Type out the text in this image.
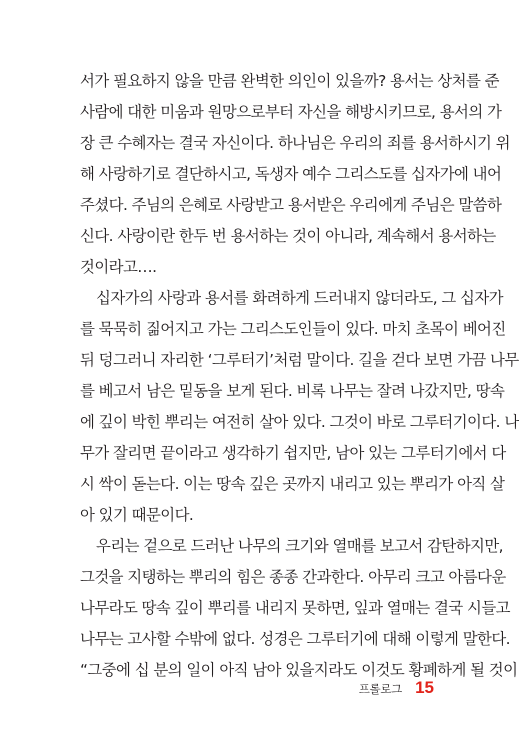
서가 필요하지 않을 만큼 완벽한 의인이 있을까? 용서는 상처를 준
사람에 대한 미움과 원망으로부터 자신을 해방시키므로, 용서의 가
장 큰 수혜자는 결국 자신이다. 하나님은 우리의 죄를 용서하시기 위
해 사랑하기로 결단하시고, 독생자 예수 그리스도를 십자가에 내어
주셨다. 주님의 은혜로 사랑받고 용서받은 우리에게 주님은 말씀하
신다. 사랑이란 한두 번 용서하는 것이 아니라, 계속해서 용서하는
것이라고….
십자가의 사랑과 용서를 화려하게 드러내지 않더라도, 그 십자가
를 묵묵히 짊어지고 가는 그리스도인들이 있다. 마치 초목이 베어진
뒤 덩그러니 자리한 ‘그루터기’처럼 말이다. 길을 걷다 보면 가끔 나무
를 베고서 남은 밑동을 보게 된다. 비록 나무는 잘려 나갔지만, 땅속
에 깊이 박힌 뿌리는 여전히 살아 있다. 그것이 바로 그루터기이다. 나
무가 잘리면 끝이라고 생각하기 쉽지만, 남아 있는 그루터기에서 다
시 싹이 돋는다. 이는 땅속 깊은 곳까지 내리고 있는 뿌리가 아직 살
아 있기 때문이다.
우리는 겉으로 드러난 나무의 크기와 열매를 보고서 감탄하지만,
그것을 지탱하는 뿌리의 힘은 종종 간과한다. 아무리 크고 아름다운
나무라도 땅속 깊이 뿌리를 내리지 못하면, 잎과 열매는 결국 시들고
나무는 고사할 수밖에 없다. 성경은 그루터기에 대해 이렇게 말한다.
“그중에 십 분의 일이 아직 남아 있을지라도 이것도 황폐하게 될 것이
프롤로그 15
